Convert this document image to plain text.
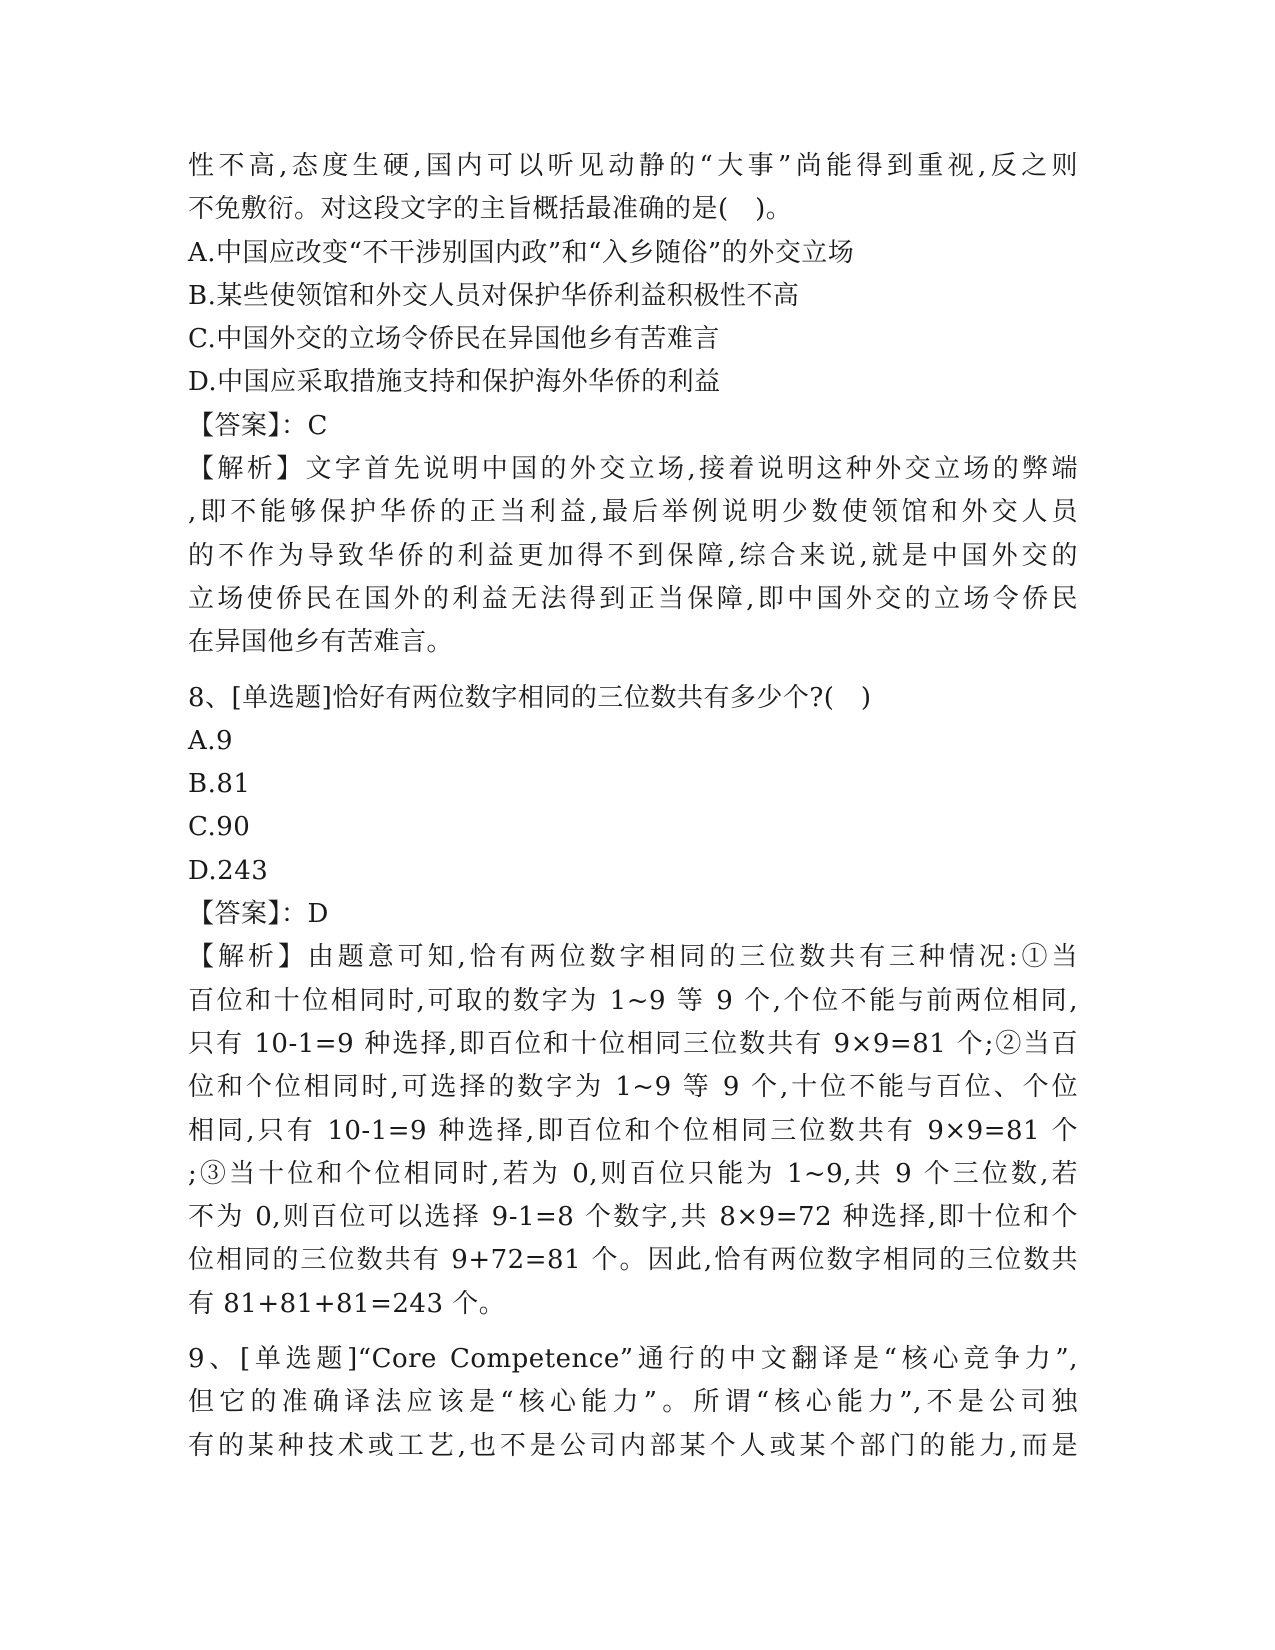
性不高,态度生硬,国内可以听见动静的“大事”尚能得到重视,反之则
不免敷衍。对这段文字的主旨概括最准确的是(　)。
A.中国应改变“不干涉别国内政”和“入乡随俗”的外交立场
B.某些使领馆和外交人员对保护华侨利益积极性不高
C.中国外交的立场令侨民在异国他乡有苦难言
D.中国应采取措施支持和保护海外华侨的利益
【答案】：C
【解析】文字首先说明中国的外交立场,接着说明这种外交立场的弊端
,即不能够保护华侨的正当利益,最后举例说明少数使领馆和外交人员
的不作为导致华侨的利益更加得不到保障,综合来说,就是中国外交的
立场使侨民在国外的利益无法得到正当保障,即中国外交的立场令侨民
在异国他乡有苦难言。
8、[单选题]恰好有两位数字相同的三位数共有多少个?(　)
A.9
B.81
C.90
D.243
【答案】：D
【解析】由题意可知,恰有两位数字相同的三位数共有三种情况:①当
百位和十位相同时,可取的数字为 1~9 等 9 个,个位不能与前两位相同,
只有 10-1=9 种选择,即百位和十位相同三位数共有 9×9=81 个;②当百
位和个位相同时,可选择的数字为 1~9 等 9 个,十位不能与百位、个位
相同,只有 10-1=9 种选择,即百位和个位相同三位数共有 9×9=81 个
;③当十位和个位相同时,若为 0,则百位只能为 1~9,共 9 个三位数,若
不为 0,则百位可以选择 9-1=8 个数字,共 8×9=72 种选择,即十位和个
位相同的三位数共有 9+72=81 个。因此,恰有两位数字相同的三位数共
有 81+81+81=243 个。
9、[单选题]“Core Competence”通行的中文翻译是“核心竞争力”,
但它的准确译法应该是“核心能力”。所谓“核心能力”,不是公司独
有的某种技术或工艺,也不是公司内部某个人或某个部门的能力,而是
